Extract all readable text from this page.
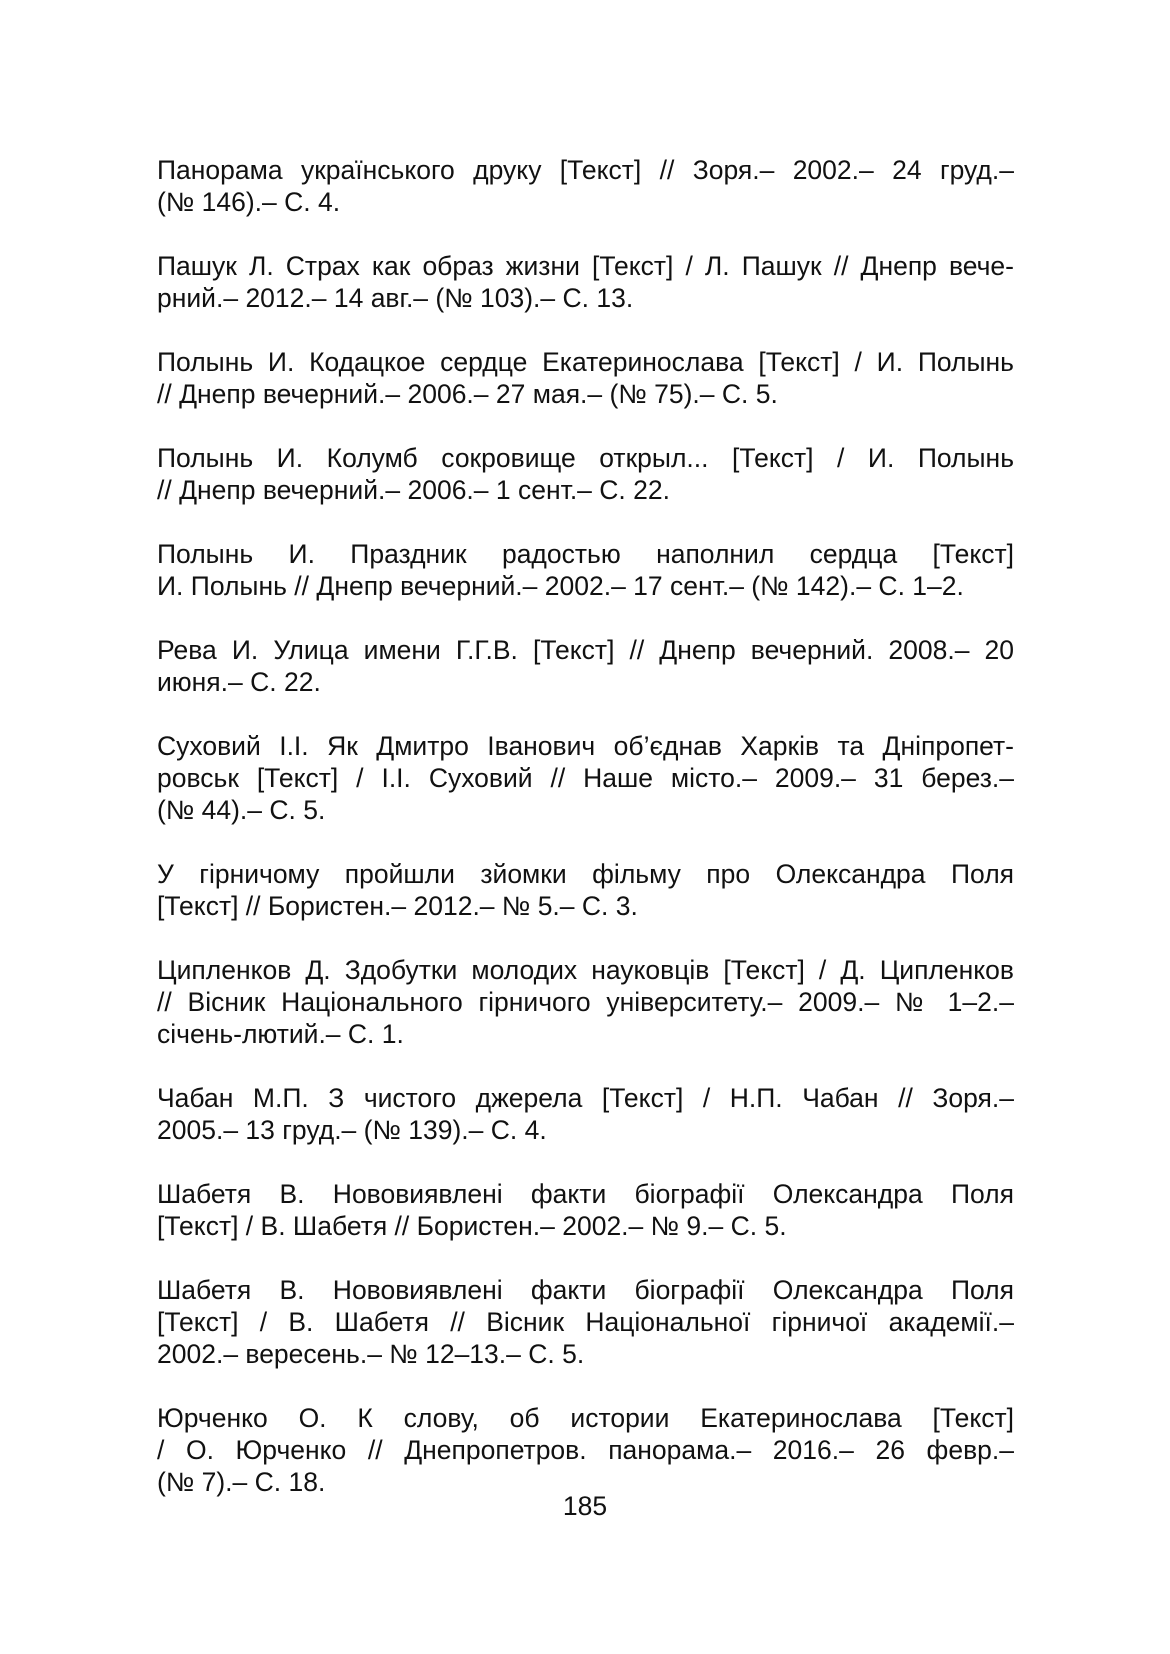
Панорама українського друку [Текст] // Зоря.– 2002.– 24 груд.–
(№ 146).– С. 4.
Пашук Л. Страх как образ жизни [Текст] / Л. Пашук // Днепр вече-
рний.– 2012.– 14 авг.– (№ 103).– С. 13.
Полынь И. Кодацкое сердце Екатеринослава [Текст] / И. Полынь
// Днепр вечерний.– 2006.– 27 мая.– (№ 75).– С. 5.
Полынь И. Колумб сокровище открыл... [Текст] / И. Полынь
// Днепр вечерний.– 2006.– 1 сент.– С. 22.
Полынь И. Праздник радостью наполнил сердца [Текст]
И. Полынь // Днепр вечерний.– 2002.– 17 сент.– (№ 142).– С. 1–2.
Рева И. Улица имени Г.Г.В. [Текст] // Днепр вечерний. 2008.– 20
июня.– С. 22.
Суховий І.І. Як Дмитро Іванович об’єднав Харків та Дніпропет-
ровськ [Текст] / І.І. Суховий // Наше місто.– 2009.– 31 берез.–
(№ 44).– С. 5.
У гірничому пройшли зйомки фільму про Олександра Поля
[Текст] // Бористен.– 2012.– № 5.– С. 3.
Ципленков Д. Здобутки молодих науковців [Текст] / Д. Ципленков
// Вісник Національного гірничого університету.– 2009.– № 1–2.–
січень-лютий.– С. 1.
Чабан М.П. З чистого джерела [Текст] / Н.П. Чабан // Зоря.–
2005.– 13 груд.– (№ 139).– С. 4.
Шабетя В. Нововиявлені факти біографії Олександра Поля
[Текст] / В. Шабетя // Бористен.– 2002.– № 9.– С. 5.
Шабетя В. Нововиявлені факти біографії Олександра Поля
[Текст] / В. Шабетя // Вісник Національної гірничої академії.–
2002.– вересень.– № 12–13.– С. 5.
Юрченко О. К слову, об истории Екатеринослава [Текст]
/ О. Юрченко // Днепропетров. панорама.– 2016.– 26 февр.–
(№ 7).– С. 18.
185
